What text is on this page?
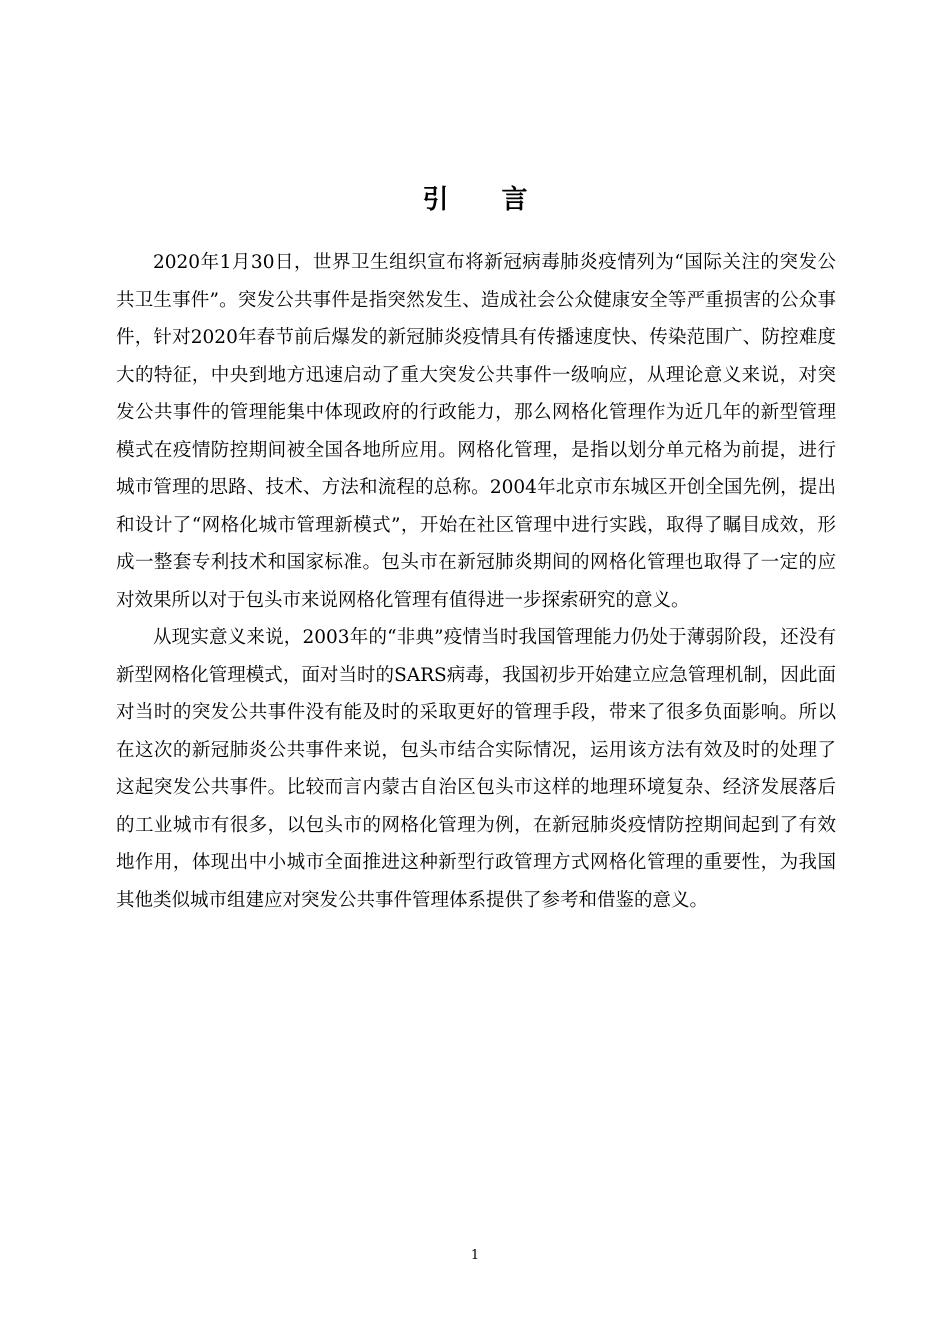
引 言

2020年1月30日，世界卫生组织宣布将新冠病毒肺炎疫情列为“国际关注的突发公共卫生事件”。突发公共事件是指突然发生、造成社会公众健康安全等严重损害的公众事件，针对2020年春节前后爆发的新冠肺炎疫情具有传播速度快、传染范围广、防控难度大的特征，中央到地方迅速启动了重大突发公共事件一级响应，从理论意义来说，对突发公共事件的管理能集中体现政府的行政能力，那么网格化管理作为近几年的新型管理模式在疫情防控期间被全国各地所应用。网格化管理，是指以划分单元格为前提，进行城市管理的思路、技术、方法和流程的总称。2004年北京市东城区开创全国先例，提出和设计了“网格化城市管理新模式”，开始在社区管理中进行实践，取得了瞩目成效，形成一整套专利技术和国家标准。包头市在新冠肺炎期间的网格化管理也取得了一定的应对效果所以对于包头市来说网格化管理有值得进一步探索研究的意义。

从现实意义来说，2003年的“非典”疫情当时我国管理能力仍处于薄弱阶段，还没有新型网格化管理模式，面对当时的SARS病毒，我国初步开始建立应急管理机制，因此面对当时的突发公共事件没有能及时的采取更好的管理手段，带来了很多负面影响。所以在这次的新冠肺炎公共事件来说，包头市结合实际情况，运用该方法有效及时的处理了这起突发公共事件。比较而言内蒙古自治区包头市这样的地理环境复杂、经济发展落后的工业城市有很多，以包头市的网格化管理为例，在新冠肺炎疫情防控期间起到了有效地作用，体现出中小城市全面推进这种新型行政管理方式网格化管理的重要性，为我国其他类似城市组建应对突发公共事件管理体系提供了参考和借鉴的意义。

1
